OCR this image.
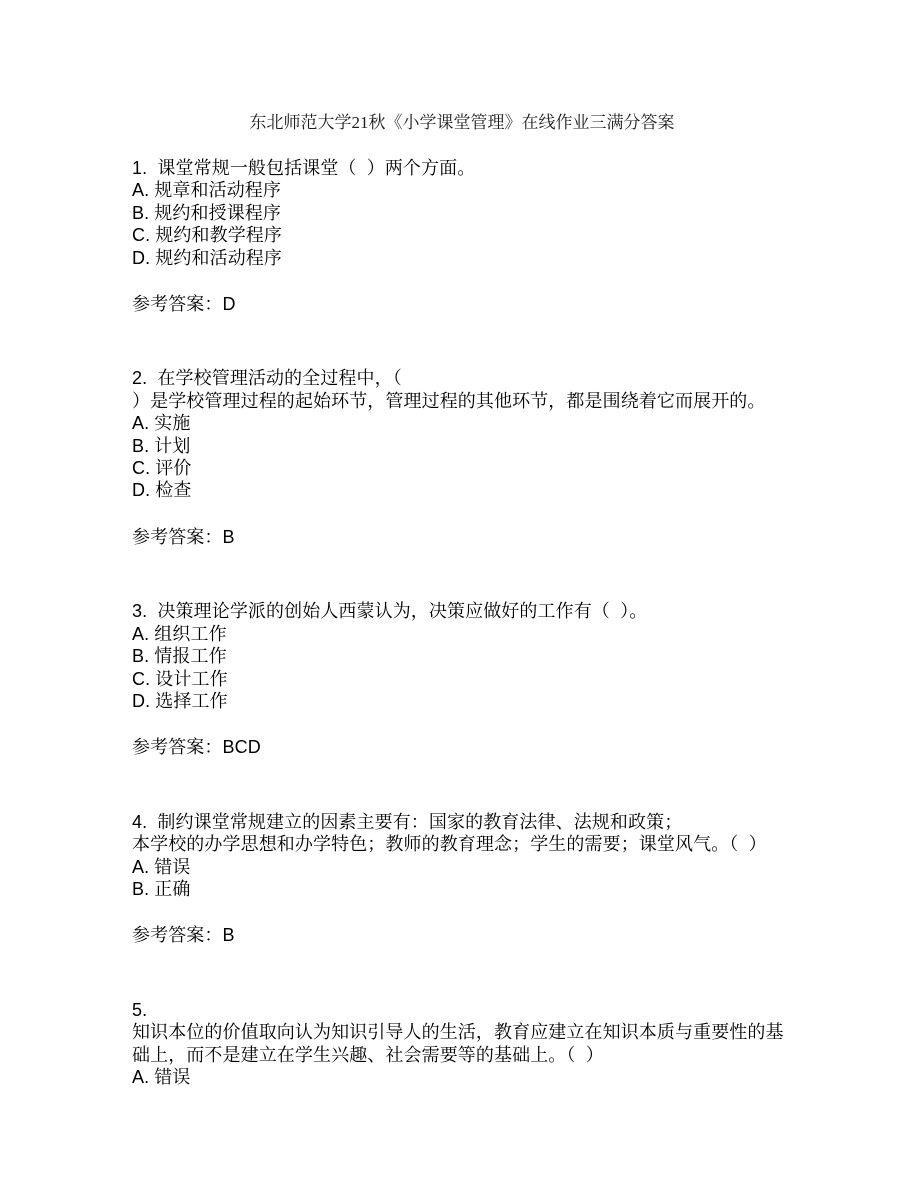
东北师范大学21秋《小学课堂管理》在线作业三满分答案
1.  课堂常规一般包括课堂（  ）两个方面。
A. 规章和活动程序
B. 规约和授课程序
C. 规约和教学程序
D. 规约和活动程序
参考答案：D
2.  在学校管理活动的全过程中，（
）是学校管理过程的起始环节，管理过程的其他环节，都是围绕着它而展开的。
A. 实施
B. 计划
C. 评价
D. 检查
参考答案：B
3.  决策理论学派的创始人西蒙认为，决策应做好的工作有（  ）。
A. 组织工作
B. 情报工作
C. 设计工作
D. 选择工作
参考答案：BCD
4.  制约课堂常规建立的因素主要有：国家的教育法律、法规和政策；
本学校的办学思想和办学特色；教师的教育理念；学生的需要；课堂风气。（  ）
A. 错误
B. 正确
参考答案：B
5.
知识本位的价值取向认为知识引导人的生活，教育应建立在知识本质与重要性的基
础上，而不是建立在学生兴趣、社会需要等的基础上。（  ）
A. 错误
